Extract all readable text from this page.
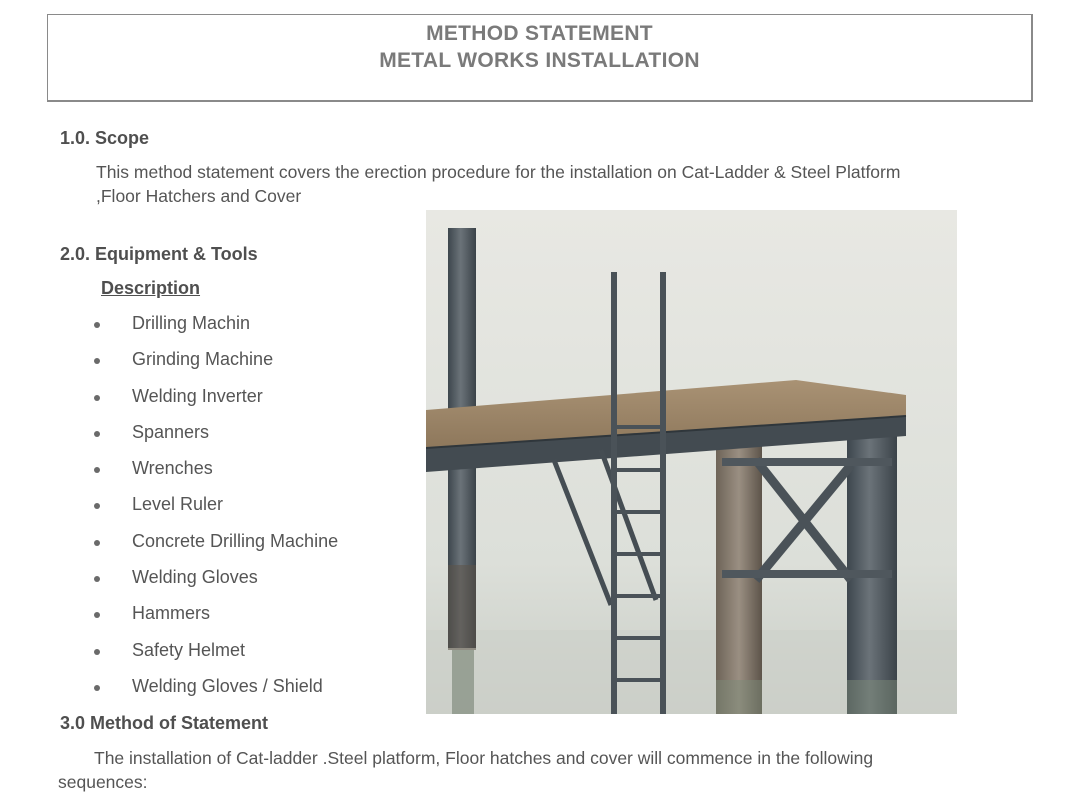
METHOD STATEMENT
METAL WORKS INSTALLATION
1.0. Scope

This method statement covers the erection procedure for the installation on Cat-Ladder & Steel Platform

,Floor Hatchers and Cover

2.0. Equipment & Tools
Description
Drilling Machin
Grinding Machine
Welding Inverter
Spanners
Wrenches
Level Ruler
Concrete Drilling Machine
Welding Gloves
Hammers
Safety Helmet
Welding Gloves / Shield
3.0 Method of Statement

The installation of Cat-ladder .Steel platform, Floor hatches and cover will commence in the following

sequences:
